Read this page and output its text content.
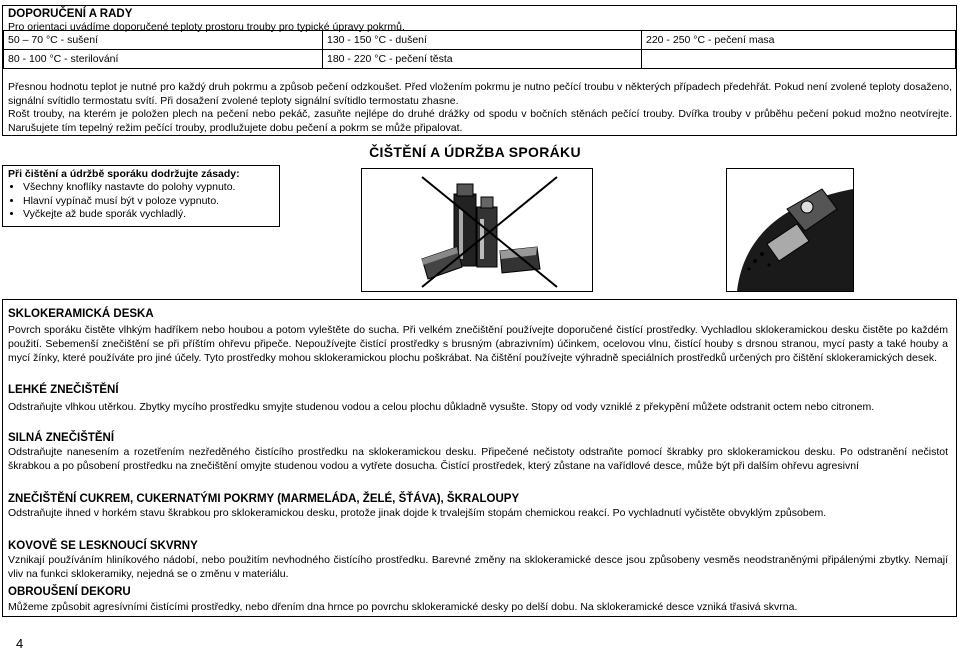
DOPORUČENÍ A RADY
Pro orientaci uvádíme doporučené teploty prostoru trouby pro typické úpravy pokrmů.
50 – 70 °C - sušení	130 - 150 °C - dušení	220 - 250 °C - pečení masa
80 - 100 °C - sterilování	180 - 220 °C - pečení těsta	
Přesnou hodnotu teplot je nutné pro každý druh pokrmu a způsob pečení odzkoušet. Před vložením pokrmu je nutno pečící troubu v některých případech předehřát. Pokud není zvolené teploty dosaženo, signální svítidlo termostatu svítí. Při dosažení zvolené teploty signální svítidlo termostatu zhasne.
Rošt trouby, na kterém je položen plech na pečení nebo pekáč, zasuňte nejlépe do druhé drážky od spodu v bočních stěnách pečící trouby. Dvířka trouby v průběhu pečení pokud možno neotvírejte. Narušujete tím tepelný režim pečící trouby, prodlužujete dobu pečení a pokrm se může připalovat.
ČIŠTĚNÍ A ÚDRŽBA SPORÁKU
Při čištění a údržbě sporáku dodržujte zásady:
• Všechny knoflíky nastavte do polohy vypnuto.
• Hlavní vypínač musí být v poloze vypnuto.
• Vyčkejte až bude sporák vychladlý.
SKLOKERAMICKÁ DESKA
Povrch sporáku čistěte vlhkým hadříkem nebo houbou a potom vyleštěte do sucha. Při velkém znečištění používejte doporučené čistící prostředky. Vychladlou sklokeramickou desku čistěte po každém použití. Sebemenší znečištění se při příštím ohřevu připeče. Nepoužívejte čistící prostředky s brusným (abrazivním) účinkem, ocelovou vlnu, čistící houby s drsnou stranou, mycí pasty a také houby a mycí žínky, které používáte pro jiné účely. Tyto prostředky mohou sklokeramickou plochu poškrábat. Na čištění používejte výhradně speciálních prostředků určených pro čištění sklokeramických desek.
LEHKÉ ZNEČIŠTĚNÍ
Odstraňujte vlhkou utěrkou. Zbytky mycího prostředku smyjte studenou vodou a celou plochu důkladně vysušte. Stopy od vody vzniklé z překypění můžete odstranit octem nebo citronem.
SILNÁ ZNEČIŠTĚNÍ
Odstraňujte nanesením a rozetřením nezředěného čistícího prostředku na sklokeramickou desku. Připečené nečistoty odstraňte pomocí škrabky pro sklokeramickou desku. Po odstranění nečistot škrabkou a po působení prostředku na znečištění omyjte studenou vodou a vytřete dosucha. Čistící prostředek, který zůstane na vařídlové desce, může být při dalším ohřevu agresivní
ZNEČIŠTĚNÍ CUKREM, CUKERNATÝMI POKRMY (MARMELÁDA, ŽELÉ, ŠŤÁVA), ŠKRALOUPY
Odstraňujte ihned v horkém stavu škrabkou pro sklokeramickou desku, protože jinak dojde k trvalejším stopám chemickou reakcí. Po vychladnutí vyčistěte obvyklým způsobem.
KOVOVĚ SE LESKNOUCÍ SKVRNY
Vznikají používáním hliníkového nádobí, nebo použitím nevhodného čistícího prostředku. Barevné změny na sklokeramické desce jsou způsobeny vesměs neodstraněnými připálenými zbytky. Nemají vliv na funkci sklokeramiky, nejedná se o změnu v materiálu.
OBROUŠENÍ DEKORU
Můžeme způsobit agresívními čistícími prostředky, nebo dřením dna hrnce po povrchu sklokeramické desky po delší dobu. Na sklokeramické desce vzniká třasivá skvrna.
4
